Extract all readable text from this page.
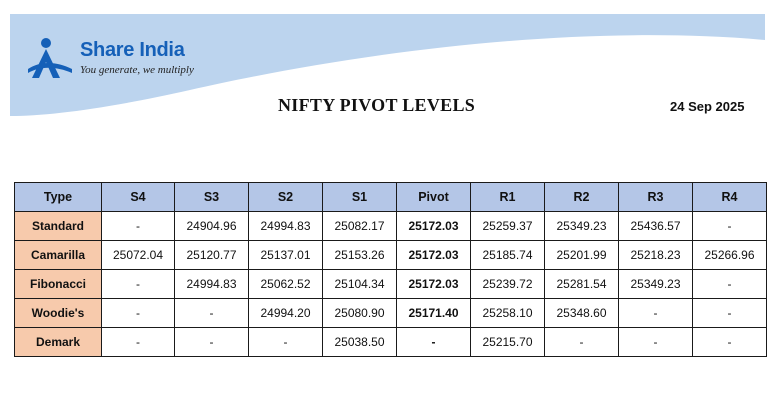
Share India
You generate, we multiply
NIFTY PIVOT LEVELS	24 Sep 2025
Type	S4	S3	S2	S1	Pivot	R1	R2	R3	R4
Standard	-	24904.96	24994.83	25082.17	25172.03	25259.37	25349.23	25436.57	-
Camarilla	25072.04	25120.77	25137.01	25153.26	25172.03	25185.74	25201.99	25218.23	25266.96
Fibonacci	-	24994.83	25062.52	25104.34	25172.03	25239.72	25281.54	25349.23	-
Woodie's	-	-	24994.20	25080.90	25171.40	25258.10	25348.60	-	-
Demark	-	-	-	25038.50	-	25215.70	-	-	-
